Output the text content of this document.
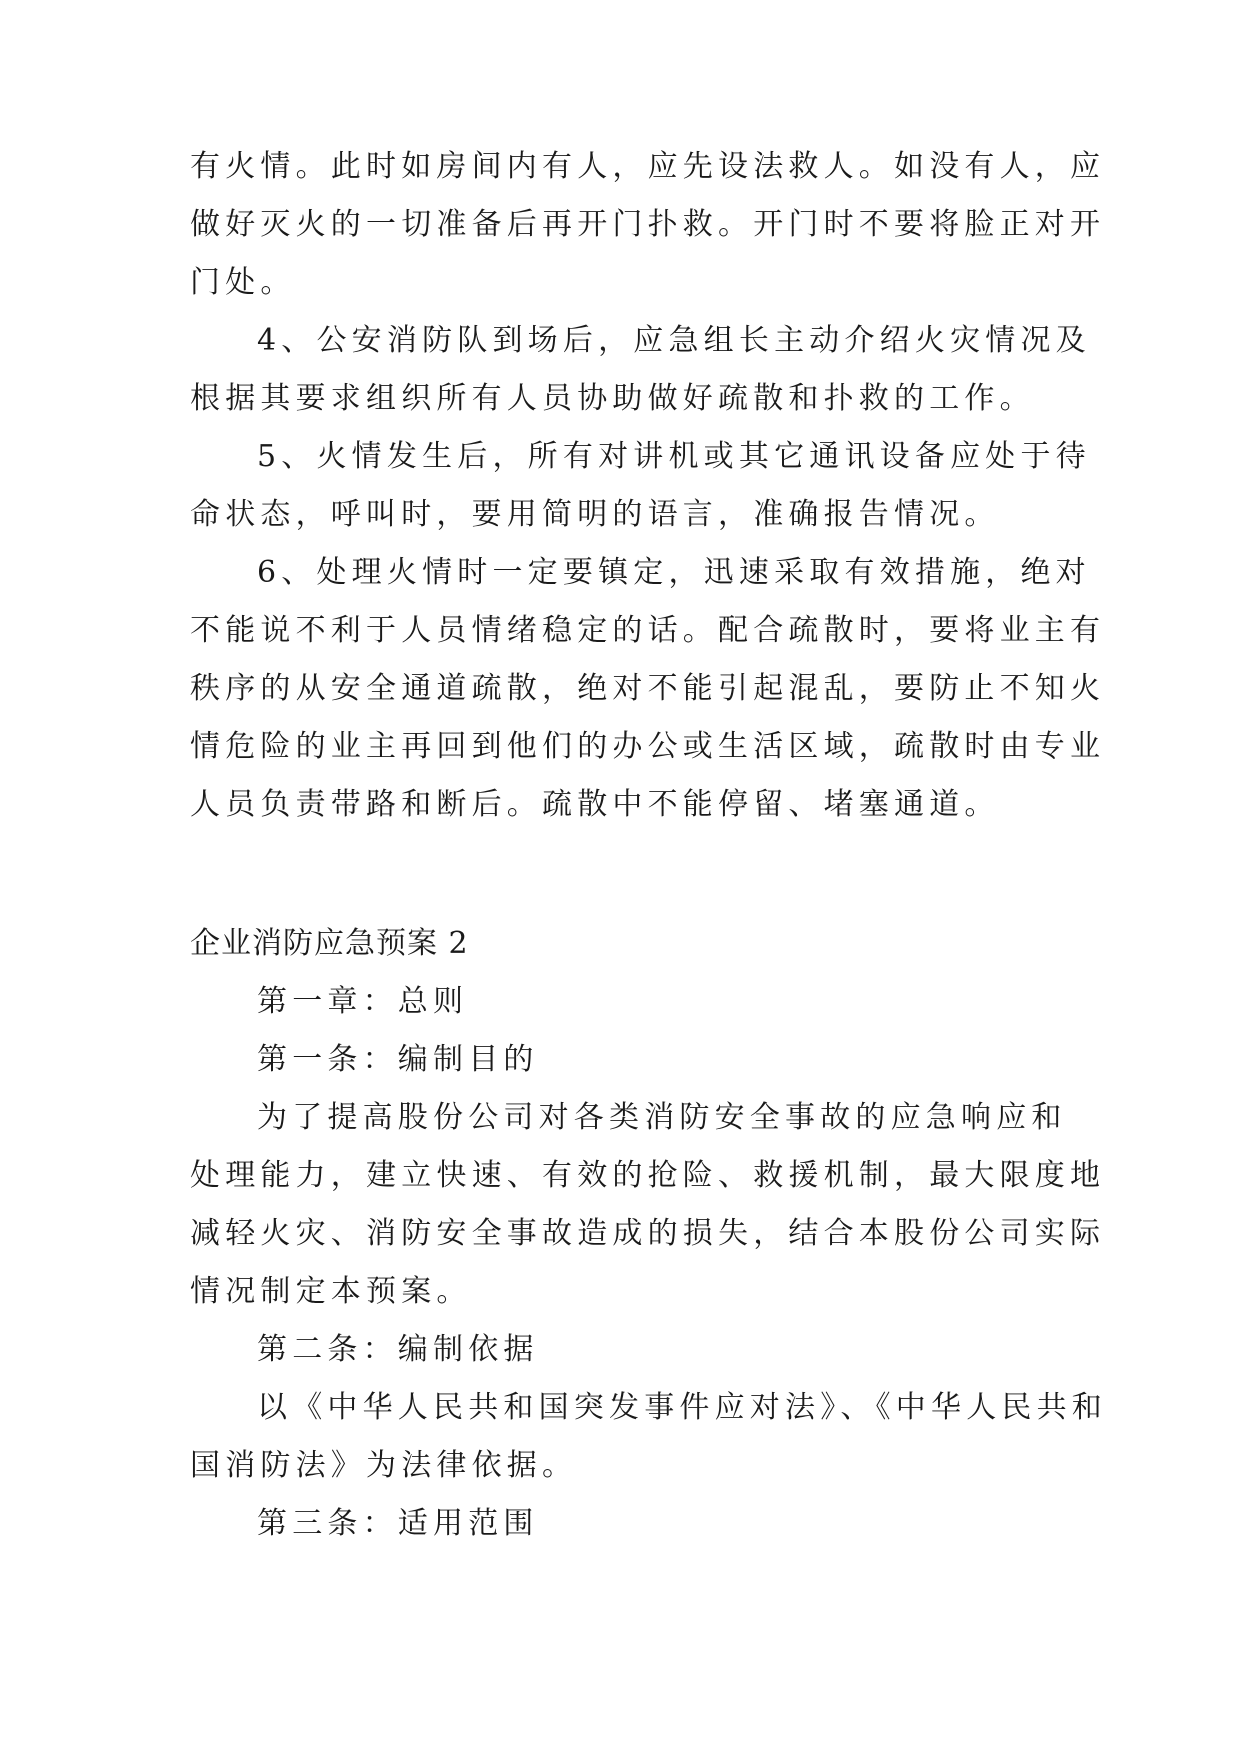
有火情。此时如房间内有人，应先设法救人。如没有人，应
做好灭火的一切准备后再开门扑救。开门时不要将脸正对开
门处。
4、公安消防队到场后，应急组长主动介绍火灾情况及
根据其要求组织所有人员协助做好疏散和扑救的工作。
5、火情发生后，所有对讲机或其它通讯设备应处于待
命状态，呼叫时，要用简明的语言，准确报告情况。
6、处理火情时一定要镇定，迅速采取有效措施，绝对
不能说不利于人员情绪稳定的话。配合疏散时，要将业主有
秩序的从安全通道疏散，绝对不能引起混乱，要防止不知火
情危险的业主再回到他们的办公或生活区域，疏散时由专业
人员负责带路和断后。疏散中不能停留、堵塞通道。
企业消防应急预案 2
第一章：总则
第一条：编制目的
为了提高股份公司对各类消防安全事故的应急响应和
处理能力，建立快速、有效的抢险、救援机制，最大限度地
减轻火灾、消防安全事故造成的损失，结合本股份公司实际
情况制定本预案。
第二条：编制依据
以《中华人民共和国突发事件应对法》、《中华人民共和
国消防法》为法律依据。
第三条：适用范围
